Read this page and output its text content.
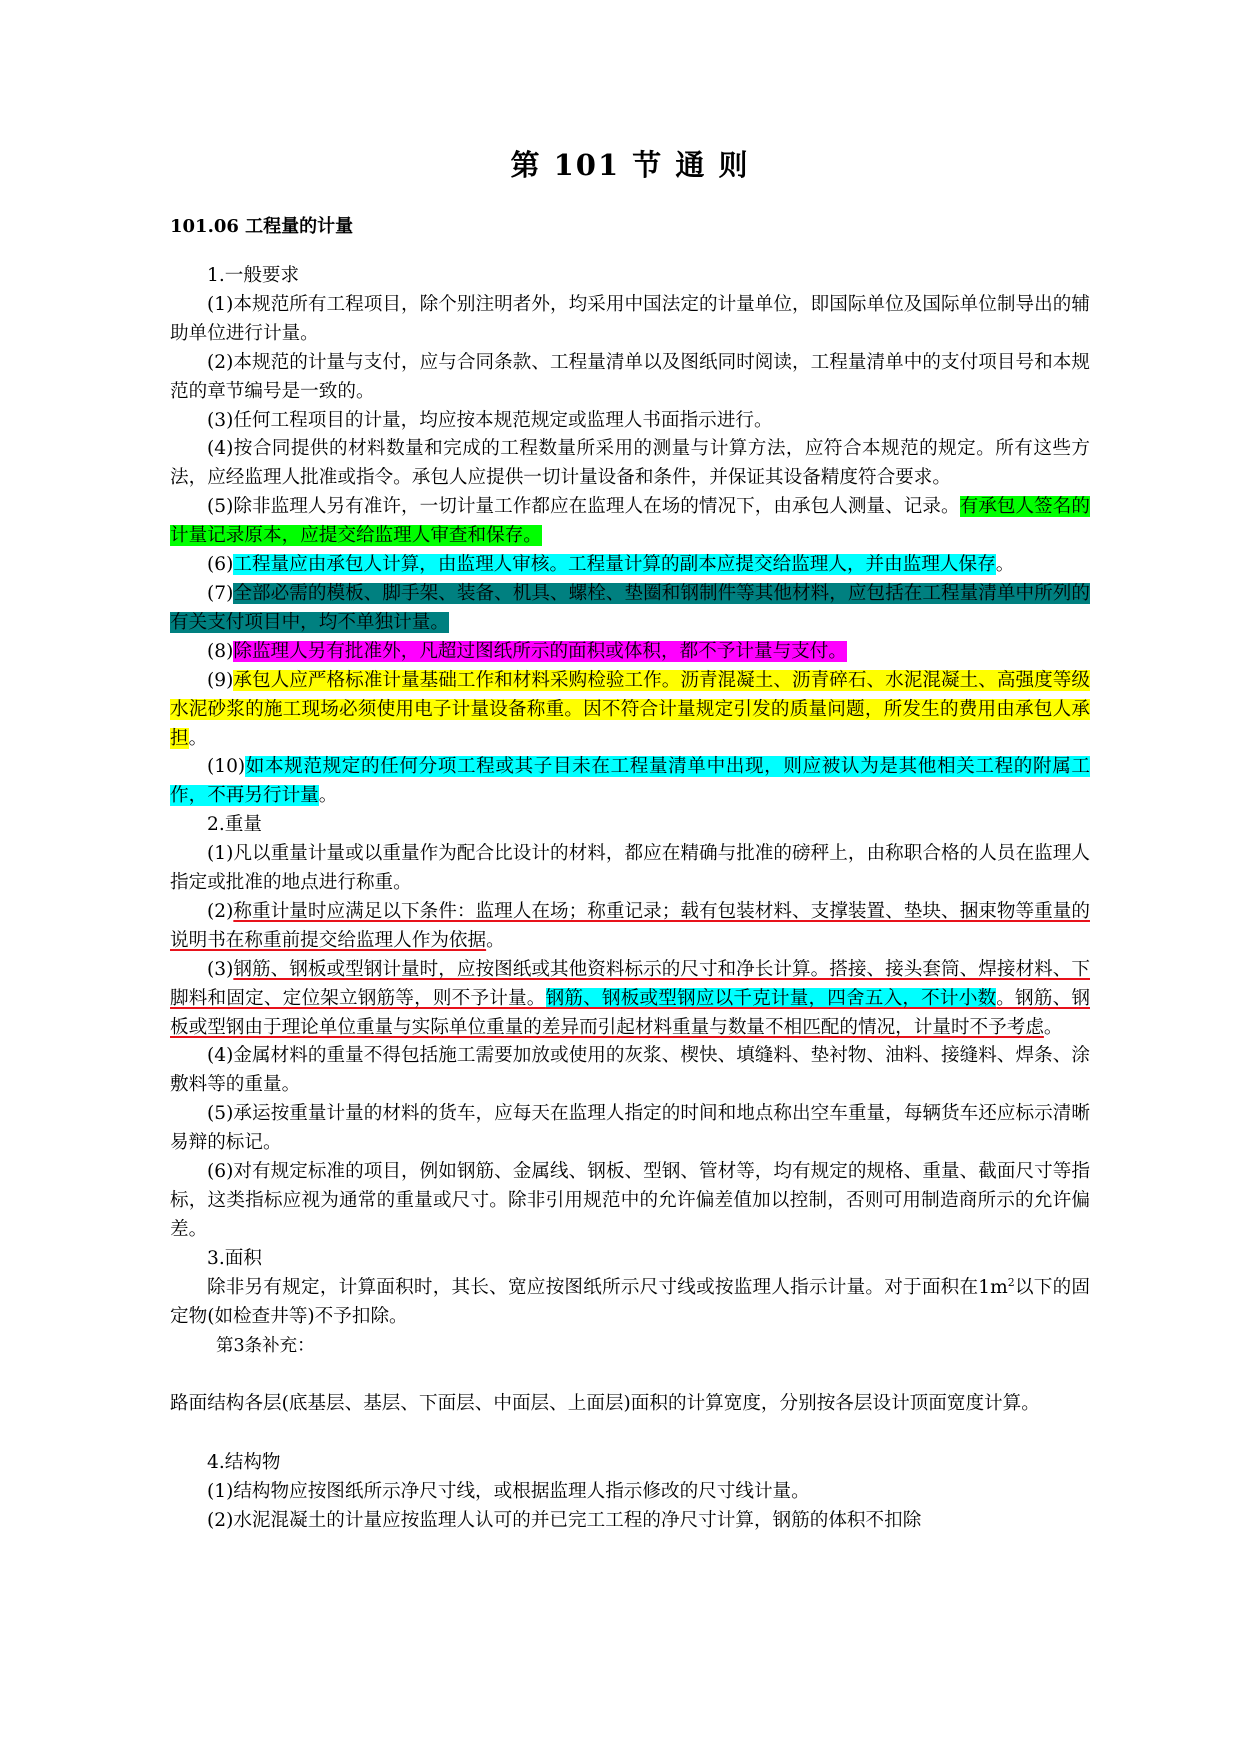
第 101 节 通 则
101.06 工程量的计量

1.一般要求

(1)本规范所有工程项目，除个别注明者外，均采用中国法定的计量单位，即国际单位及国际单位制导出的辅助单位进行计量。

(2)本规范的计量与支付，应与合同条款、工程量清单以及图纸同时阅读，工程量清单中的支付项目号和本规范的章节编号是一致的。

(3)任何工程项目的计量，均应按本规范规定或监理人书面指示进行。

(4)按合同提供的材料数量和完成的工程数量所采用的测量与计算方法，应符合本规范的规定。所有这些方法，应经监理人批准或指令。承包人应提供一切计量设备和条件，并保证其设备精度符合要求。

(5)除非监理人另有准许，一切计量工作都应在监理人在场的情况下，由承包人测量、记录。有承包人签名的计量记录原本，应提交给监理人审查和保存。

(6)工程量应由承包人计算，由监理人审核。工程量计算的副本应提交给监理人，并由监理人保存。

(7)全部必需的模板、脚手架、装备、机具、螺栓、垫圈和钢制件等其他材料，应包括在工程量清单中所列的有关支付项目中，均不单独计量。

(8)除监理人另有批准外，凡超过图纸所示的面积或体积，都不予计量与支付。

(9)承包人应严格标准计量基础工作和材料采购检验工作。沥青混凝土、沥青碎石、水泥混凝土、高强度等级水泥砂浆的施工现场必须使用电子计量设备称重。因不符合计量规定引发的质量问题，所发生的费用由承包人承担。

(10)如本规范规定的任何分项工程或其子目未在工程量清单中出现，则应被认为是其他相关工程的附属工作，不再另行计量。

2.重量

(1)凡以重量计量或以重量作为配合比设计的材料，都应在精确与批准的磅秤上，由称职合格的人员在监理人指定或批准的地点进行称重。

(2)称重计量时应满足以下条件：监理人在场；称重记录；载有包装材料、支撑装置、垫块、捆束物等重量的说明书在称重前提交给监理人作为依据。

(3)钢筋、钢板或型钢计量时，应按图纸或其他资料标示的尺寸和净长计算。搭接、接头套筒、焊接材料、下脚料和固定、定位架立钢筋等，则不予计量。钢筋、钢板或型钢应以千克计量，四舍五入，不计小数。钢筋、钢板或型钢由于理论单位重量与实际单位重量的差异而引起材料重量与数量不相匹配的情况，计量时不予考虑。

(4)金属材料的重量不得包括施工需要加放或使用的灰浆、楔快、填缝料、垫衬物、油料、接缝料、焊条、涂敷料等的重量。

(5)承运按重量计量的材料的货车，应每天在监理人指定的时间和地点称出空车重量，每辆货车还应标示清晰易辩的标记。

(6)对有规定标准的项目，例如钢筋、金属线、钢板、型钢、管材等，均有规定的规格、重量、截面尺寸等指标，这类指标应视为通常的重量或尺寸。除非引用规范中的允许偏差值加以控制，否则可用制造商所示的允许偏差。

3.面积

除非另有规定，计算面积时，其长、宽应按图纸所示尺寸线或按监理人指示计量。对于面积在$1m^2$以下的固定物(如检查井等)不予扣除。

第3条补充：

路面结构各层(底基层、基层、下面层、中面层、上面层)面积的计算宽度，分别按各层设计顶面宽度计算。

4.结构物

(1)结构物应按图纸所示净尺寸线，或根据监理人指示修改的尺寸线计量。

(2)水泥混凝土的计量应按监理人认可的并已完工工程的净尺寸计算，钢筋的体积不扣除
